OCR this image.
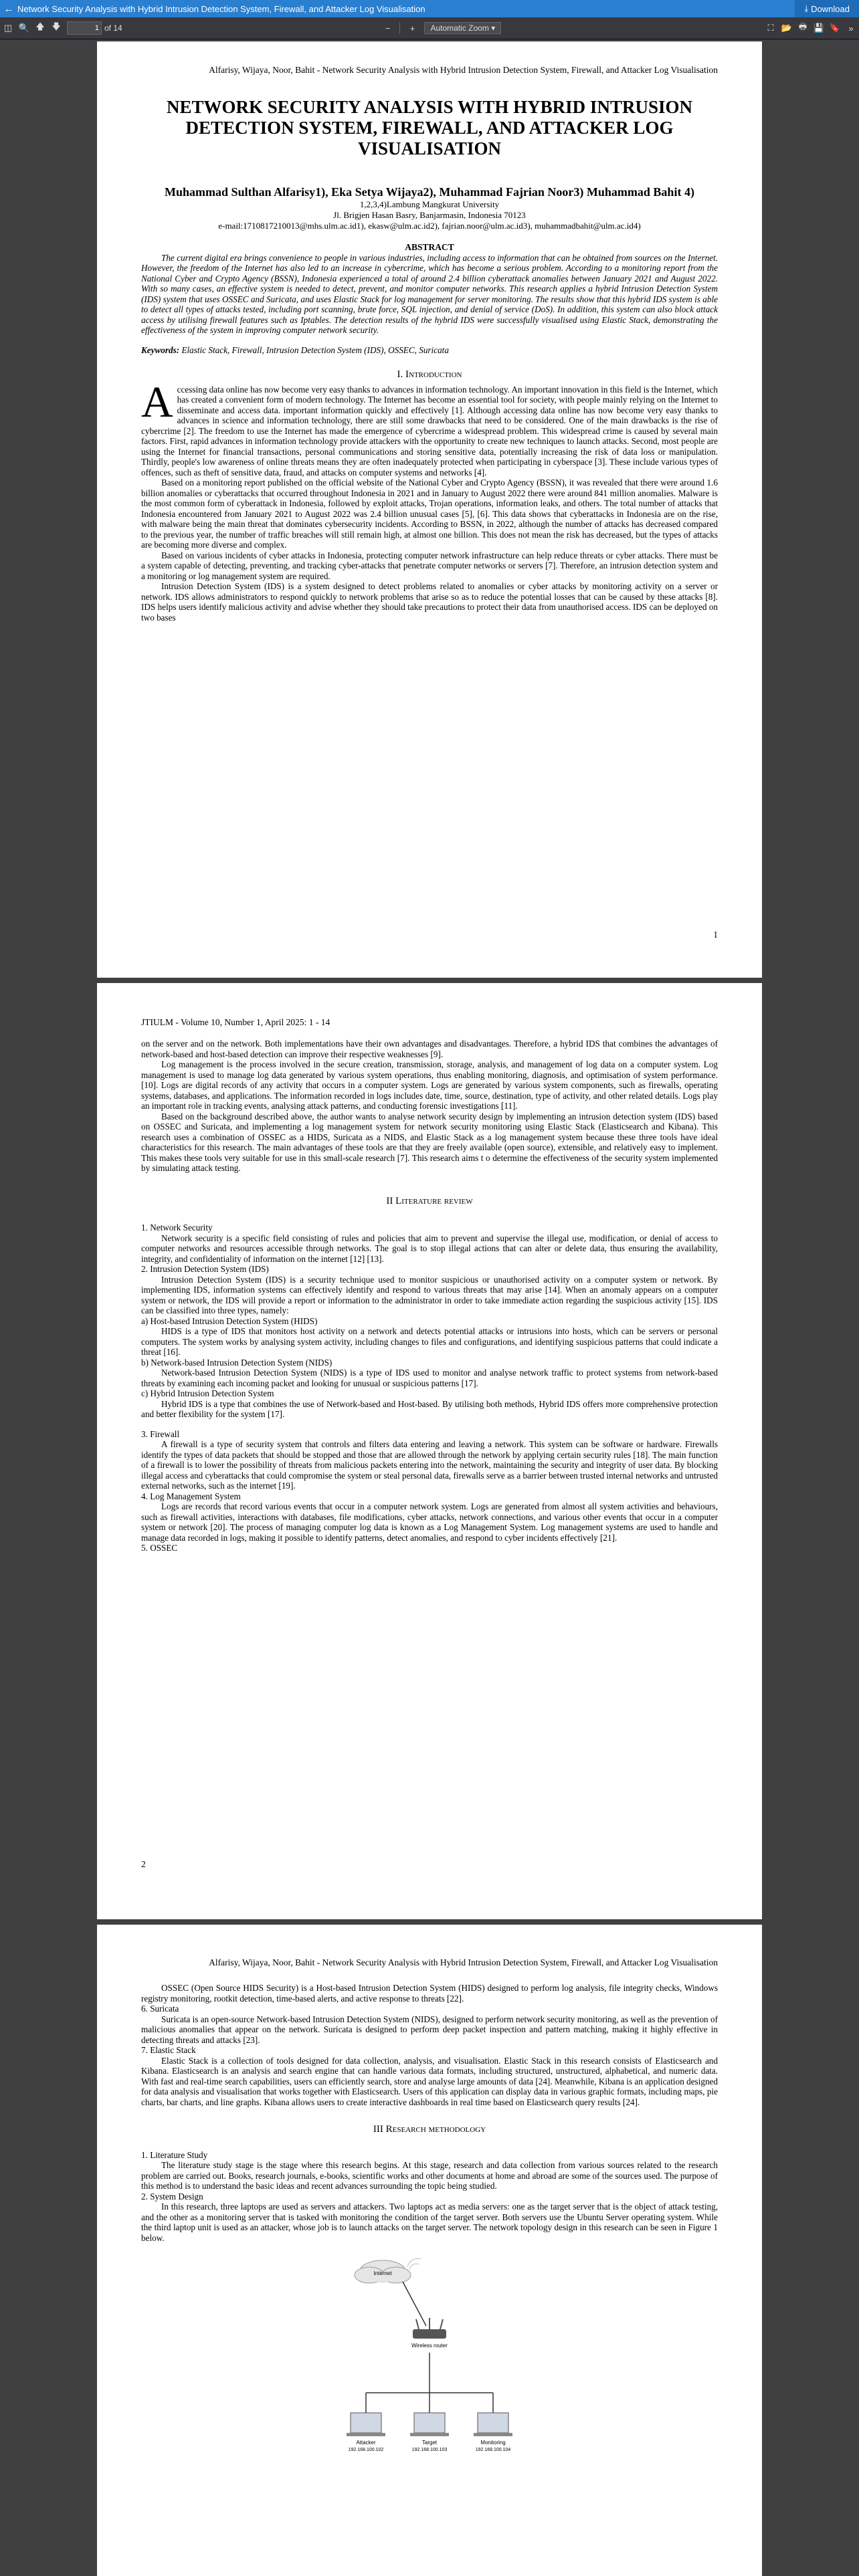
← Network Security Analysis with Hybrid Intrusion Detection System, Firewall, and Attacker Log Visualisation	⤓ Download
◫ 🔍 🡅 🡇
1	of 14	−	+	Automatic Zoom ▾	⛶ 📂 🖶 💾 🔖 »
Alfarisy, Wijaya, Noor, Bahit - Network Security Analysis with Hybrid Intrusion Detection System, Firewall, and Attacker Log Visualisation
NETWORK SECURITY ANALYSIS WITH HYBRID INTRUSION DETECTION SYSTEM, FIREWALL, AND ATTACKER LOG VISUALISATION
Muhammad Sulthan Alfarisy1), Eka Setya Wijaya2), Muhammad Fajrian Noor3) Muhammad Bahit 4)
1,2,3,4)Lambung Mangkurat University
Jl. Brigjen Hasan Basry, Banjarmasin, Indonesia 70123
e-mail:1710817210013@mhs.ulm.ac.id1), ekasw@ulm.ac.id2), fajrian.noor@ulm.ac.id3), muhammadbahit@ulm.ac.id4)
ABSTRACT

The current digital era brings convenience to people in various industries, including access to information that can be obtained from sources on the Internet. However, the freedom of the Internet has also led to an increase in cybercrime, which has become a serious problem. According to a monitoring report from the National Cyber and Crypto Agency (BSSN), Indonesia experienced a total of around 2.4 billion cyberattack anomalies between January 2021 and August 2022. With so many cases, an effective system is needed to detect, prevent, and monitor computer networks. This research applies a hybrid Intrusion Detection System (IDS) system that uses OSSEC and Suricata, and uses Elastic Stack for log management for server monitoring. The results show that this hybrid IDS system is able to detect all types of attacks tested, including port scanning, brute force, SQL injection, and denial of service (DoS). In addition, this system can also block attack access by utilising firewall features such as Iptables. The detection results of the hybrid IDS were successfully visualised using Elastic Stack, demonstrating the effectiveness of the system in improving computer network security.

Keywords: Elastic Stack, Firewall, Intrusion Detection System (IDS), OSSEC, Suricata

I. Introduction

Accessing data online has now become very easy thanks to advances in information technology. An important innovation in this field is the Internet, which has created a convenient form of modern technology. The Internet has become an essential tool for society, with people mainly relying on the Internet to disseminate and access data. important information quickly and effectively [1]. Although accessing data online has now become very easy thanks to advances in science and information technology, there are still some drawbacks that need to be considered. One of the main drawbacks is the rise of cybercrime [2]. The freedom to use the Internet has made the emergence of cybercrime a widespread problem. This widespread crime is caused by several main factors. First, rapid advances in information technology provide attackers with the opportunity to create new techniques to launch attacks. Second, most people are using the Internet for financial transactions, personal communications and storing sensitive data, potentially increasing the risk of data loss or manipulation. Thirdly, people's low awareness of online threats means they are often inadequately protected when participating in cyberspace [3]. These include various types of offences, such as theft of sensitive data, fraud, and attacks on computer systems and networks [4].

Based on a monitoring report published on the official website of the National Cyber and Crypto Agency (BSSN), it was revealed that there were around 1.6 billion anomalies or cyberattacks that occurred throughout Indonesia in 2021 and in January to August 2022 there were around 841 million anomalies. Malware is the most common form of cyberattack in Indonesia, followed by exploit attacks, Trojan operations, information leaks, and others. The total number of attacks that Indonesia encountered from January 2021 to August 2022 was 2.4 billion unusual cases [5], [6]. This data shows that cyberattacks in Indonesia are on the rise, with malware being the main threat that dominates cybersecurity incidents. According to BSSN, in 2022, although the number of attacks has decreased compared to the previous year, the number of traffic breaches will still remain high, at almost one billion. This does not mean the risk has decreased, but the types of attacks are becoming more diverse and complex.

Based on various incidents of cyber attacks in Indonesia, protecting computer network infrastructure can help reduce threats or cyber attacks. There must be a system capable of detecting, preventing, and tracking cyber-attacks that penetrate computer networks or servers [7]. Therefore, an intrusion detection system and a monitoring or log management system are required.

Intrusion Detection System (IDS) is a system designed to detect problems related to anomalies or cyber attacks by monitoring activity on a server or network. IDS allows administrators to respond quickly to network problems that arise so as to reduce the potential losses that can be caused by these attacks [8]. IDS helps users identify malicious activity and advise whether they should take precautions to protect their data from unauthorised access. IDS can be deployed on two bases

1
JTIULM - Volume 10, Number 1, April 2025: 1 - 14

on the server and on the network. Both implementations have their own advantages and disadvantages. Therefore, a hybrid IDS that combines the advantages of network-based and host-based detection can improve their respective weaknesses [9].

Log management is the process involved in the secure creation, transmission, storage, analysis, and management of log data on a computer system. Log management is used to manage log data generated by various system operations, thus enabling monitoring, diagnosis, and optimisation of system performance. [10]. Logs are digital records of any activity that occurs in a computer system. Logs are generated by various system components, such as firewalls, operating systems, databases, and applications. The information recorded in logs includes date, time, source, destination, type of activity, and other related details. Logs play an important role in tracking events, analysing attack patterns, and conducting forensic investigations [11].

Based on the background described above, the author wants to analyse network security design by implementing an intrusion detection system (IDS) based on OSSEC and Suricata, and implementing a log management system for network security monitoring using Elastic Stack (Elasticsearch and Kibana). This research uses a combination of OSSEC as a HIDS, Suricata as a NIDS, and Elastic Stack as a log management system because these three tools have ideal characteristics for this research. The main advantages of these tools are that they are freely available (open source), extensible, and relatively easy to implement. This makes these tools very suitable for use in this small-scale research [7]. This research aims t o determine the effectiveness of the security system implemented by simulating attack testing.

II Literature review

1. Network Security

Network security is a specific field consisting of rules and policies that aim to prevent and supervise the illegal use, modification, or denial of access to computer networks and resources accessible through networks. The goal is to stop illegal actions that can alter or delete data, thus ensuring the availability, integrity, and confidentiality of information on the internet [12] [13].

2. Intrusion Detection System (IDS)

Intrusion Detection System (IDS) is a security technique used to monitor suspicious or unauthorised activity on a computer system or network. By implementing IDS, information systems can effectively identify and respond to various threats that may arise [14]. When an anomaly appears on a computer system or network, the IDS will provide a report or information to the administrator in order to take immediate action regarding the suspicious activity [15]. IDS can be classified into three types, namely:

a) Host-based Intrusion Detection System (HIDS)

HIDS is a type of IDS that monitors host activity on a network and detects potential attacks or intrusions into hosts, which can be servers or personal computers. The system works by analysing system activity, including changes to files and configurations, and identifying suspicious patterns that could indicate a threat [16].

b) Network-based Intrusion Detection System (NIDS)

Network-based Intrusion Detection System (NIDS) is a type of IDS used to monitor and analyse network traffic to protect systems from network-based threats by examining each incoming packet and looking for unusual or suspicious patterns [17].

c) Hybrid Intrusion Detection System

Hybrid IDS is a type that combines the use of Network-based and Host-based. By utilising both methods, Hybrid IDS offers more comprehensive protection and better flexibility for the system [17].

3. Firewall

A firewall is a type of security system that controls and filters data entering and leaving a network. This system can be software or hardware. Firewalls identify the types of data packets that should be stopped and those that are allowed through the network by applying certain security rules [18]. The main function of a firewall is to lower the possibility of threats from malicious packets entering into the network, maintaining the security and integrity of user data. By blocking illegal access and cyberattacks that could compromise the system or steal personal data, firewalls serve as a barrier between trusted internal networks and untrusted external networks, such as the internet [19].

4. Log Management System

Logs are records that record various events that occur in a computer network system. Logs are generated from almost all system activities and behaviours, such as firewall activities, interactions with databases, file modifications, cyber attacks, network connections, and various other events that occur in a computer system or network [20]. The process of managing computer log data is known as a Log Management System. Log management systems are used to handle and manage data recorded in logs, making it possible to identify patterns, detect anomalies, and respond to cyber incidents effectively [21].

5. OSSEC

2
Alfarisy, Wijaya, Noor, Bahit - Network Security Analysis with Hybrid Intrusion Detection System, Firewall, and Attacker Log Visualisation

OSSEC (Open Source HIDS Security) is a Host-based Intrusion Detection System (HIDS) designed to perform log analysis, file integrity checks, Windows registry monitoring, rootkit detection, time-based alerts, and active response to threats [22].

6. Suricata

Suricata is an open-source Network-based Intrusion Detection System (NIDS), designed to perform network security monitoring, as well as the prevention of malicious anomalies that appear on the network. Suricata is designed to perform deep packet inspection and pattern matching, making it highly effective in detecting threats and attacks [23].

7. Elastic Stack

Elastic Stack is a collection of tools designed for data collection, analysis, and visualisation. Elastic Stack in this research consists of Elasticsearch and Kibana. Elasticsearch is an analysis and search engine that can handle various data formats, including structured, unstructured, alphabetical, and numeric data. With fast and real-time search capabilities, users can efficiently search, store and analyse large amounts of data [24]. Meanwhile, Kibana is an application designed for data analysis and visualisation that works together with Elasticsearch. Users of this application can display data in various graphic formats, including maps, pie charts, bar charts, and line graphs. Kibana allows users to create interactive dashboards in real time based on Elasticsearch query results [24].

III Research methodology

1. Literature Study

The literature study stage is the stage where this research begins. At this stage, research and data collection from various sources related to the research problem are carried out. Books, research journals, e-books, scientific works and other documents at home and abroad are some of the sources used. The purpose of this method is to understand the basic ideas and recent advances surrounding the topic being studied.

2. System Design

In this research, three laptops are used as servers and attackers. Two laptops act as media servers: one as the target server that is the object of attack testing, and the other as a monitoring server that is tasked with monitoring the condition of the target server. Both servers use the Ubuntu Server operating system. While the third laptop unit is used as an attacker, whose job is to launch attacks on the target server. The network topology design in this research can be seen in Figure 1 below.

Internet
Wireless router
Attacker
192.168.100.102
Target
192.168.100.103
Monitoring
192.168.100.104
